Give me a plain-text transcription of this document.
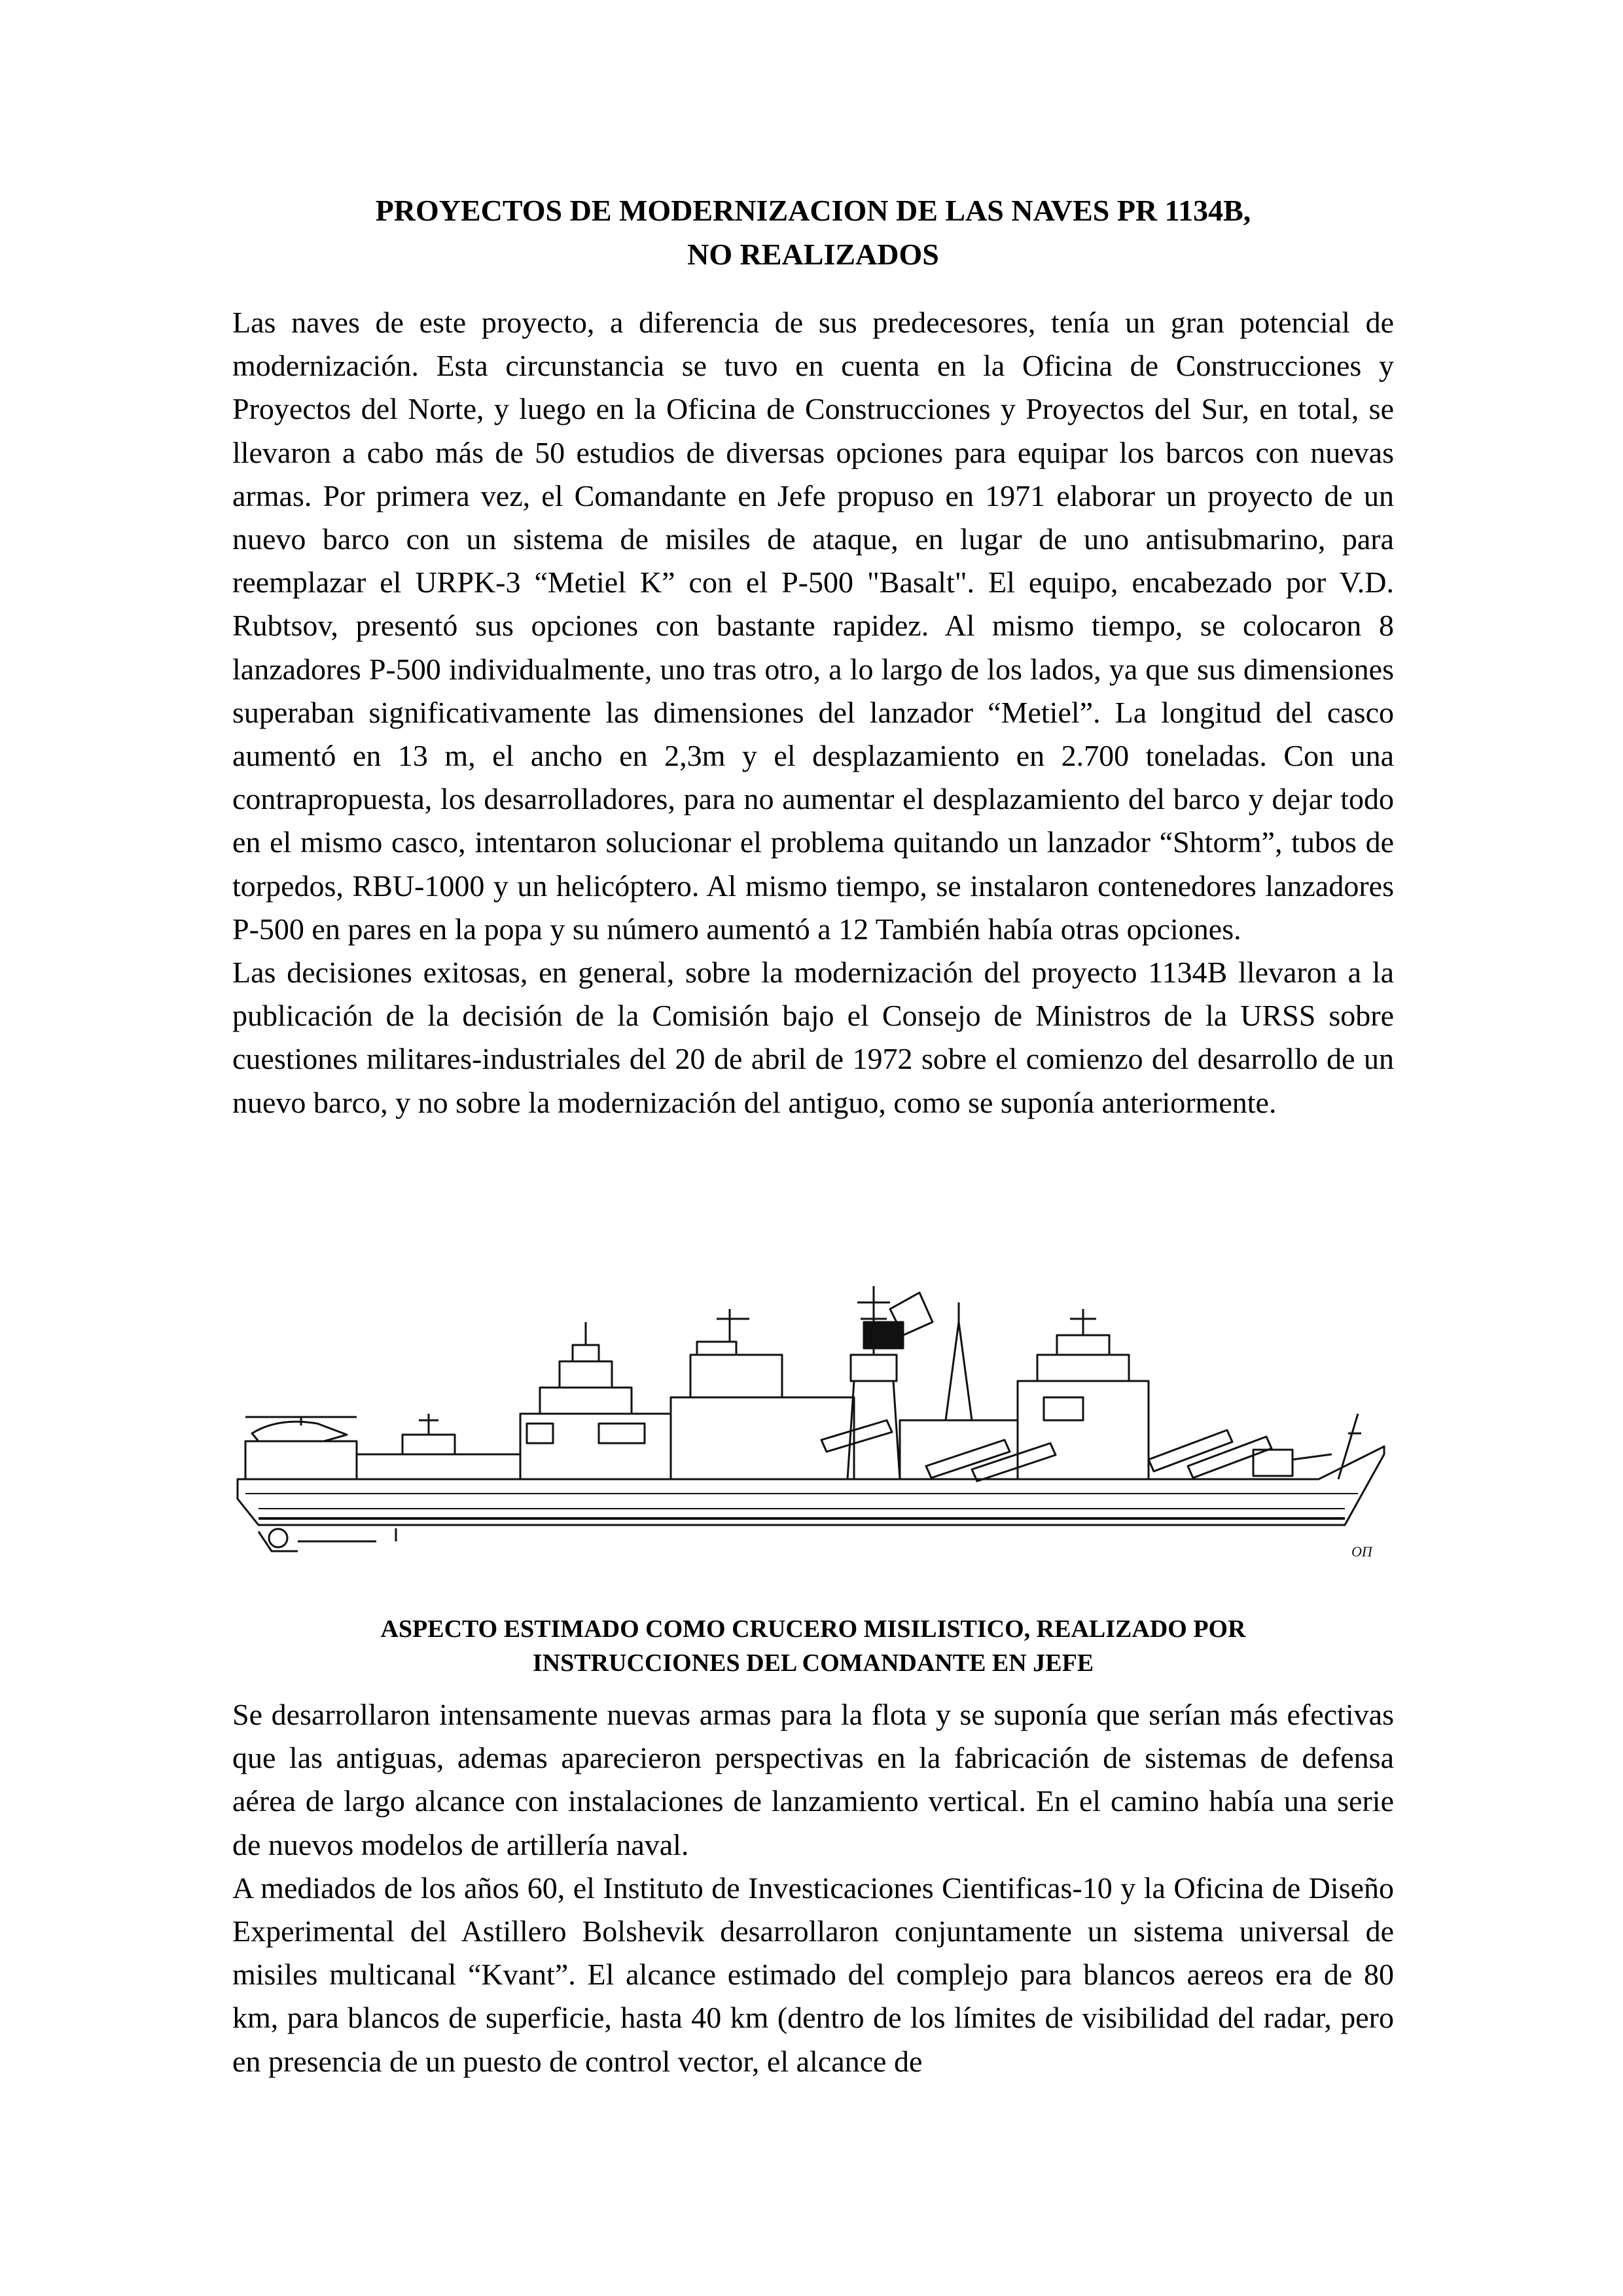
PROYECTOS DE MODERNIZACION DE LAS NAVES PR 1134B,
NO REALIZADOS

Las naves de este proyecto, a diferencia de sus predecesores, tenía un gran potencial de modernización. Esta circunstancia se tuvo en cuenta en la Oficina de Construcciones y Proyectos del Norte, y luego en la Oficina de Construcciones y Proyectos del Sur, en total, se llevaron a cabo más de 50 estudios de diversas opciones para equipar los barcos con nuevas armas. Por primera vez, el Comandante en Jefe propuso en 1971 elaborar un proyecto de un nuevo barco con un sistema de misiles de ataque, en lugar de uno antisubmarino, para reemplazar el URPK-3 “Metiel K” con el P-500 "Basalt". El equipo, encabezado por V.D. Rubtsov, presentó sus opciones con bastante rapidez. Al mismo tiempo, se colocaron 8 lanzadores P-500 individualmente, uno tras otro, a lo largo de los lados, ya que sus dimensiones superaban significativamente las dimensiones del lanzador “Metiel”. La longitud del casco aumentó en 13 m, el ancho en 2,3m y el desplazamiento en 2.700 toneladas. Con una contrapropuesta, los desarrolladores, para no aumentar el desplazamiento del barco y dejar todo en el mismo casco, intentaron solucionar el problema quitando un lanzador “Shtorm”, tubos de torpedos, RBU-1000 y un helicóptero. Al mismo tiempo, se instalaron contenedores lanzadores P-500 en pares en la popa y su número aumentó a 12 También había otras opciones.

Las decisiones exitosas, en general, sobre la modernización del proyecto 1134B llevaron a la publicación de la decisión de la Comisión bajo el Consejo de Ministros de la URSS sobre cuestiones militares-industriales del 20 de abril de 1972 sobre el comienzo del desarrollo de un nuevo barco, y no sobre la modernización del antiguo, como se suponía anteriormente.

ОП
ASPECTO ESTIMADO COMO CRUCERO MISILISTICO, REALIZADO POR
INSTRUCCIONES DEL COMANDANTE EN JEFE

Se desarrollaron intensamente nuevas armas para la flota y se suponía que serían más efectivas que las antiguas, ademas aparecieron perspectivas en la fabricación de sistemas de defensa aérea de largo alcance con instalaciones de lanzamiento vertical. En el camino había una serie de nuevos modelos de artillería naval.

A mediados de los años 60, el Instituto de Investicaciones Cientificas-10 y la Oficina de Diseño Experimental del Astillero Bolshevik desarrollaron conjuntamente un sistema universal de misiles multicanal “Kvant”. El alcance estimado del complejo para blancos aereos era de 80 km, para blancos de superficie, hasta 40 km (dentro de los límites de visibilidad del radar, pero en presencia de un puesto de control vector, el alcance de
